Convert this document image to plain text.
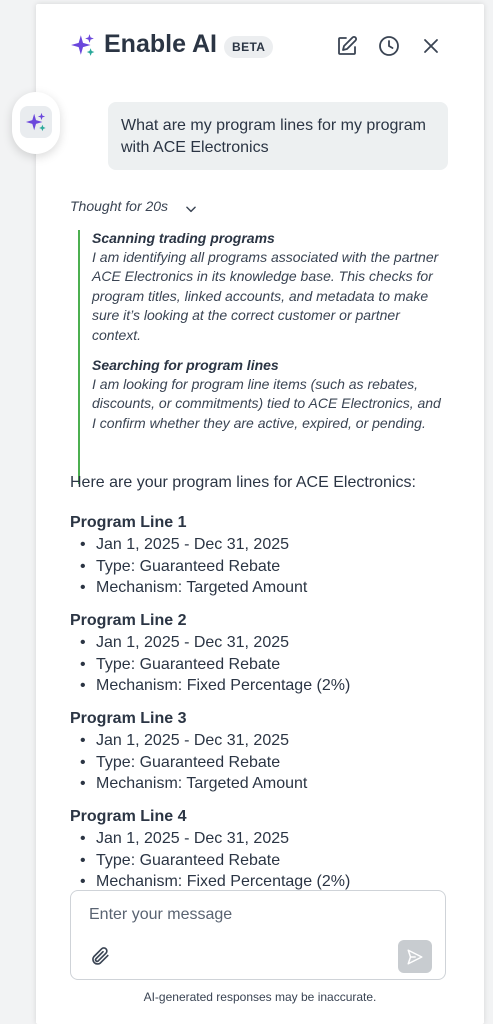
Enable AI	BETA
What are my program lines for my program with ACE Electronics
Thought for 20s

Scanning trading programs

I am identifying all programs associated with the partner ACE Electronics in its knowledge base. This checks for program titles, linked accounts, and metadata to make sure it’s looking at the correct customer or partner context.

Searching for program lines

I am looking for program line items (such as rebates, discounts, or commitments) tied to ACE Electronics, and I confirm whether they are active, expired, or pending.

Here are your program lines for ACE Electronics:
Program Line 1
• Jan 1, 2025 - Dec 31, 2025
• Type: Guaranteed Rebate
• Mechanism: Targeted Amount
Program Line 2
• Jan 1, 2025 - Dec 31, 2025
• Type: Guaranteed Rebate
• Mechanism: Fixed Percentage (2%)
Program Line 3
• Jan 1, 2025 - Dec 31, 2025
• Type: Guaranteed Rebate
• Mechanism: Targeted Amount
Program Line 4
• Jan 1, 2025 - Dec 31, 2025
• Type: Guaranteed Rebate
• Mechanism: Fixed Percentage (2%)
Enter your message
AI-generated responses may be inaccurate.
